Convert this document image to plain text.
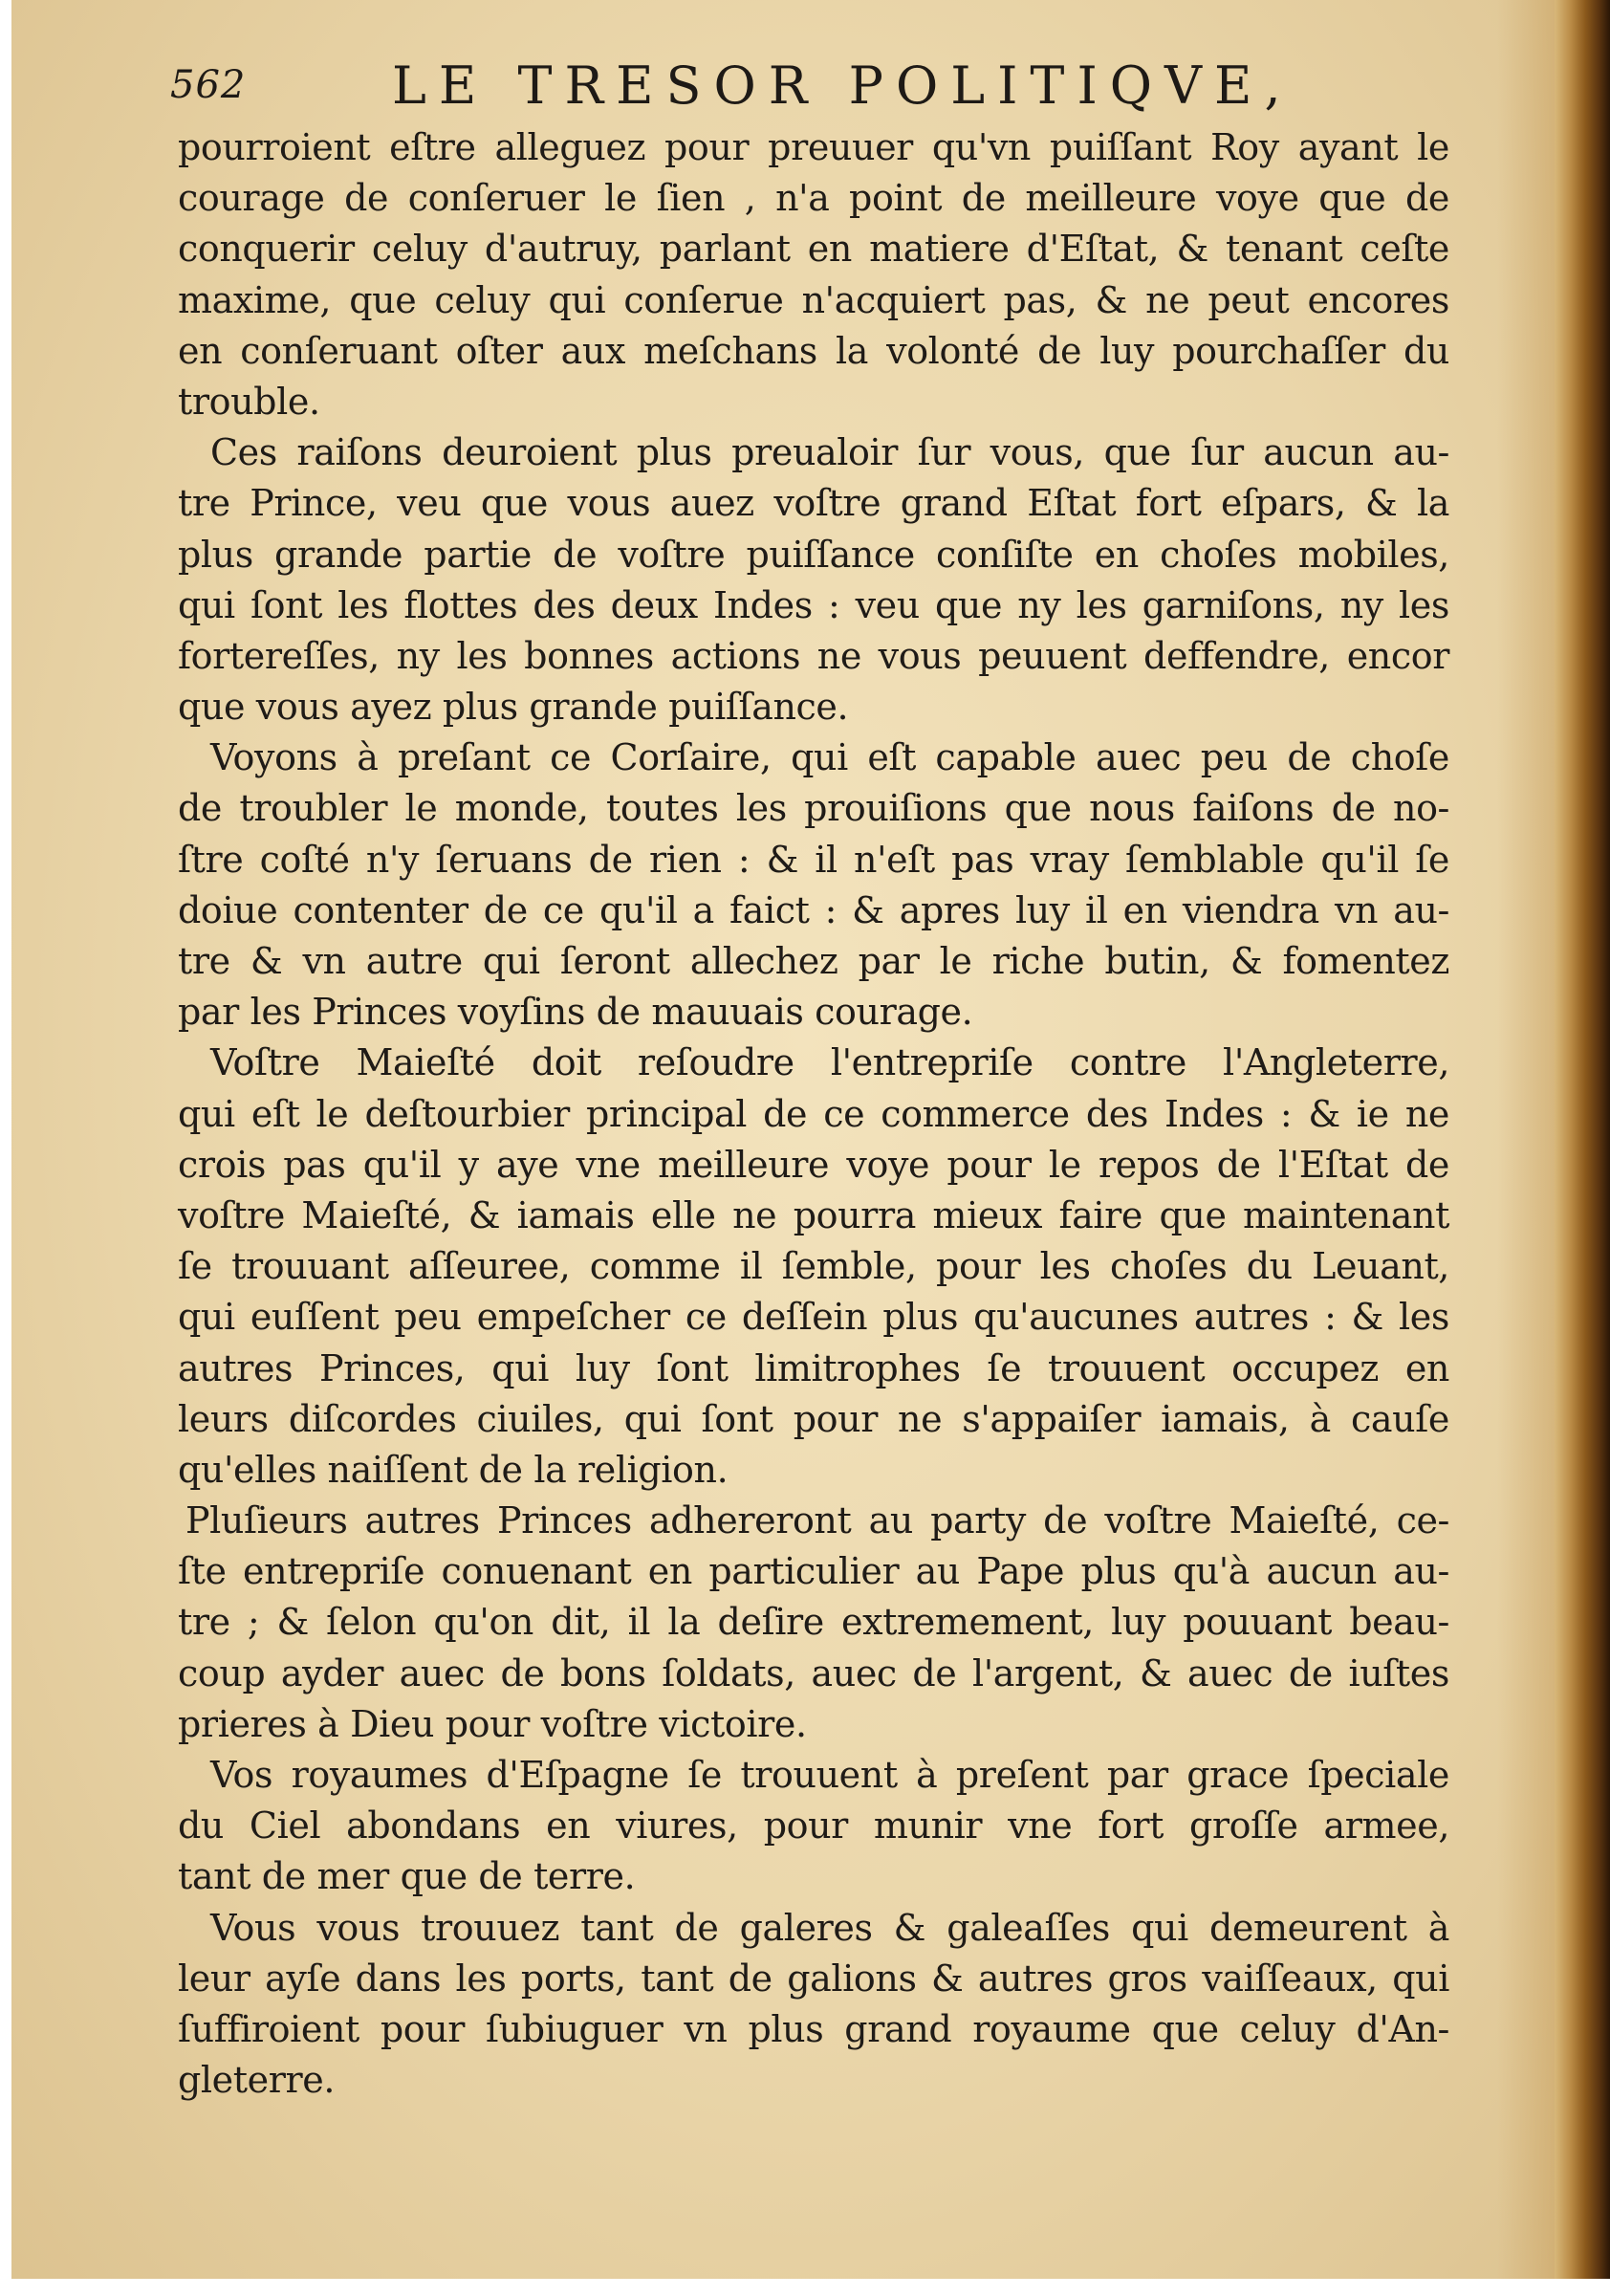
562	LE TRESOR POLITIQVE,
pourroient eſtre alleguez pour preuuer qu'vn puiſſant Roy ayant le
courage de conſeruer le ſien , n'a point de meilleure voye que de
conquerir celuy d'autruy, parlant en matiere d'Eſtat, & tenant ceſte
maxime, que celuy qui conſerue n'acquiert pas, & ne peut encores
en conſeruant oſter aux meſchans la volonté de luy pourchaſſer du
trouble.
Ces raiſons deuroient plus preualoir ſur vous, que ſur aucun au-
tre Prince, veu que vous auez voſtre grand Eſtat fort eſpars, & la
plus grande partie de voſtre puiſſance conſiſte en choſes mobiles,
qui ſont les flottes des deux Indes : veu que ny les garniſons, ny les
fortereſſes, ny les bonnes actions ne vous peuuent deffendre, encor
que vous ayez plus grande puiſſance.
Voyons à preſant ce Corſaire, qui eſt capable auec peu de choſe
de troubler le monde, toutes les prouiſions que nous faiſons de no-
ſtre coſté n'y ſeruans de rien : & il n'eſt pas vray ſemblable qu'il ſe
doiue contenter de ce qu'il a faict : & apres luy il en viendra vn au-
tre & vn autre qui ſeront allechez par le riche butin, & fomentez
par les Princes voyſins de mauuais courage.
Voſtre Maieſté doit reſoudre l'entrepriſe contre l'Angleterre,
qui eſt le deſtourbier principal de ce commerce des Indes : & ie ne
crois pas qu'il y aye vne meilleure voye pour le repos de l'Eſtat de
voſtre Maieſté, & iamais elle ne pourra mieux faire que maintenant
ſe trouuant aſſeuree, comme il ſemble, pour les choſes du Leuant,
qui euſſent peu empeſcher ce deſſein plus qu'aucunes autres : & les
autres Princes, qui luy ſont limitrophes ſe trouuent occupez en
leurs diſcordes ciuiles, qui ſont pour ne s'appaiſer iamais, à cauſe
qu'elles naiſſent de la religion.
Pluſieurs autres Princes adhereront au party de voſtre Maieſté, ce-
ſte entrepriſe conuenant en particulier au Pape plus qu'à aucun au-
tre ; & ſelon qu'on dit, il la deſire extremement, luy pouuant beau-
coup ayder auec de bons ſoldats, auec de l'argent, & auec de iuſtes
prieres à Dieu pour voſtre victoire.
Vos royaumes d'Eſpagne ſe trouuent à preſent par grace ſpeciale
du Ciel abondans en viures, pour munir vne fort groſſe armee,
tant de mer que de terre.
Vous vous trouuez tant de galeres & galeaſſes qui demeurent à
leur ayſe dans les ports, tant de galions & autres gros vaiſſeaux, qui
ſuffiroient pour ſubiuguer vn plus grand royaume que celuy d'An-
gleterre.
